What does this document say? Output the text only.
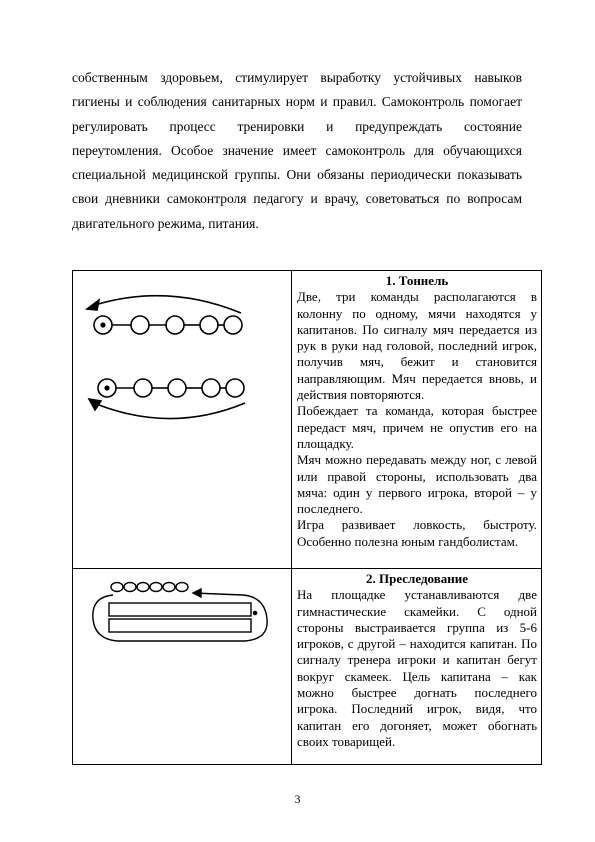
собственным здоровьем, стимулирует выработку устойчивых навыков
гигиены и соблюдения санитарных норм и правил. Самоконтроль помогает
регулировать процесс тренировки и предупреждать состояние
переутомления. Особое значение имеет самоконтроль для обучающихся
специальной медицинской группы. Они обязаны периодически показывать
свои дневники самоконтроля педагогу и врачу, советоваться по вопросам
двигательного режима, питания.

1. Тоннель

Две, три команды располагаются в колонну по одному, мячи находятся у капитанов. По сигналу мяч передается из рук в руки над головой, последний игрок, получив мяч, бежит и становится направляющим. Мяч передается вновь, и действия повторяются.

Побеждает та команда, которая быстрее передаст мяч, причем не опустив его на площадку.

Мяч можно передавать между ног, с левой или правой стороны, использовать два мяча: один у первого игрока, второй – у последнего.

Игра развивает ловкость, быстроту. Особенно полезна юным гандболистам.

2. Преследование

На площадке устанавливаются две гимнастические скамейки. С одной стороны выстраивается группа из 5-6 игроков, с другой – находится капитан. По сигналу тренера игроки и капитан бегут вокруг скамеек. Цель капитана – как можно быстрее догнать последнего игрока. Последний игрок, видя, что капитан его догоняет, может обогнать своих товарищей.

3
